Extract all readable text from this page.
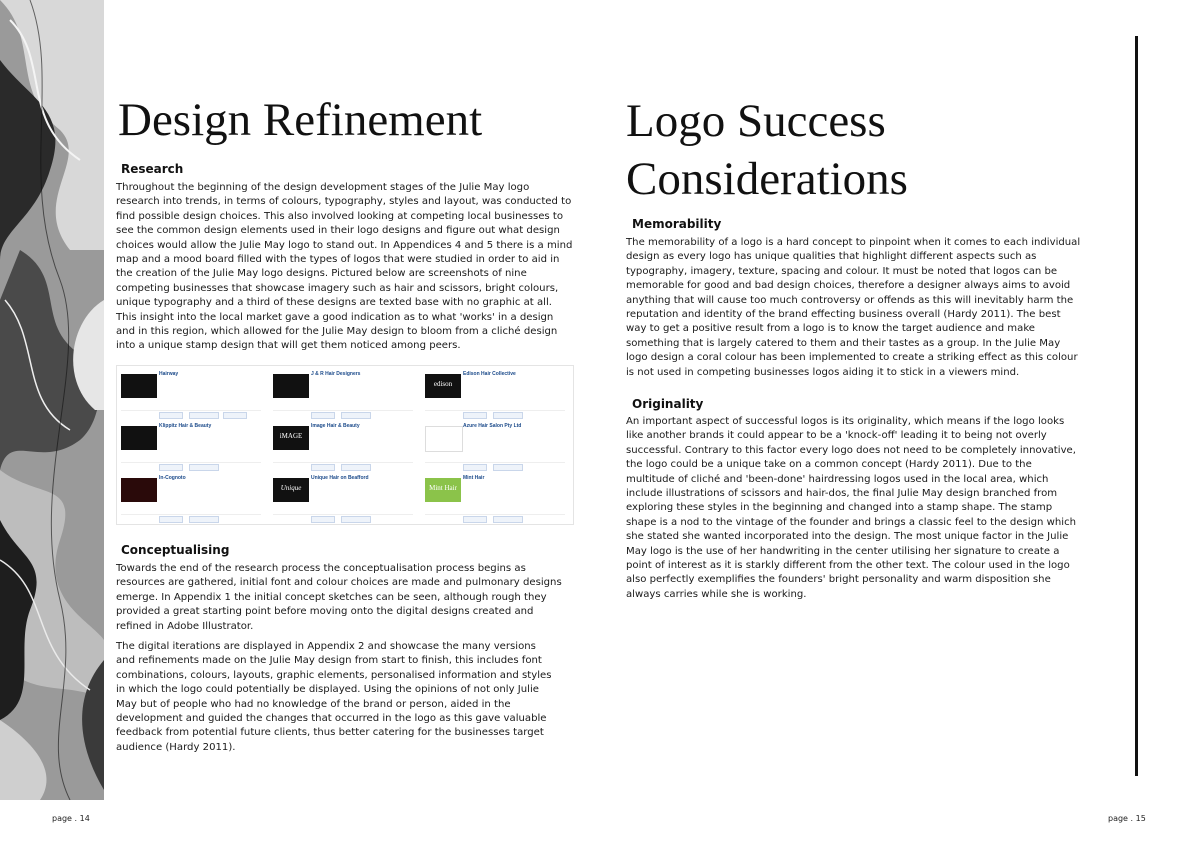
Design Refinement
Research

Throughout the beginning of the design development stages of the Julie May logo research into trends, in terms of colours, typography, styles and layout, was conducted to find possible design choices. This also involved looking at competing local businesses to see the common design elements used in their logo designs and figure out what design choices would allow the Julie May logo to stand out. In Appendices 4 and 5 there is a mind map and a mood board filled with the types of logos that were studied in order to aid in the creation of the Julie May logo designs. Pictured below are screenshots of nine competing businesses that showcase imagery such as hair and scissors, bright colours, unique typography and a third of these designs are texted base with no graphic at all. This insight into the local market gave a good indication as to what 'works' in a design and in this region, which allowed for the Julie May design to bloom from a cliché design into a unique stamp design that will get them noticed among peers.

Hairway	J & R Hair Designers
edison
Edison Hair Collective
Klippitz Hair & Beauty
iMAGE
Image Hair & Beauty	Azure Hair Salon Pty Ltd
In-Cognoto
Unique
Unique Hair on Beafford
Mint Hair
Mint Hair
Conceptualising

Towards the end of the research process the conceptualisation process begins as resources are gathered, initial font and colour choices are made and pulmonary designs emerge. In Appendix 1 the initial concept sketches can be seen, although rough they provided a great starting point before moving onto the digital designs created and refined in Adobe Illustrator.

The digital iterations are displayed in Appendix 2 and showcase the many versions and refinements made on the Julie May design from start to finish, this includes font combinations, colours, layouts, graphic elements, personalised information and styles in which the logo could potentially be displayed. Using the opinions of not only Julie May but of people who had no knowledge of the brand or person, aided in the development and guided the changes that occurred in the logo as this gave valuable feedback from potential future clients, thus better catering for the businesses target audience (Hardy 2011).

page . 14
Logo Success Considerations
Memorability

The memorability of a logo is a hard concept to pinpoint when it comes to each individual design as every logo has unique qualities that highlight different aspects such as typography, imagery, texture, spacing and colour. It must be noted that logos can be memorable for good and bad design choices, therefore a designer always aims to avoid anything that will cause too much controversy or offends as this will inevitably harm the reputation and identity of the brand effecting business overall (Hardy 2011). The best way to get a positive result from a logo is to know the target audience and make something that is largely catered to them and their tastes as a group. In the Julie May logo design a coral colour has been implemented to create a striking effect as this colour is not used in competing businesses logos aiding it to stick in a viewers mind.

Originality

An important aspect of successful logos is its originality, which means if the logo looks like another brands it could appear to be a 'knock-off' leading it to being not overly successful. Contrary to this factor every logo does not need to be completely innovative, the logo could be a unique take on a common concept (Hardy 2011). Due to the multitude of cliché and 'been-done' hairdressing logos used in the local area, which include illustrations of scissors and hair-dos, the final Julie May design branched from exploring these styles in the beginning and changed into a stamp shape. The stamp shape is a nod to the vintage of the founder and brings a classic feel to the design which she stated she wanted incorporated into the design. The most unique factor in the Julie May logo is the use of her handwriting in the center utilising her signature to create a point of interest as it is starkly different from the other text. The colour used in the logo also perfectly exemplifies the founders' bright personality and warm disposition she always carries while she is working.

page . 15
